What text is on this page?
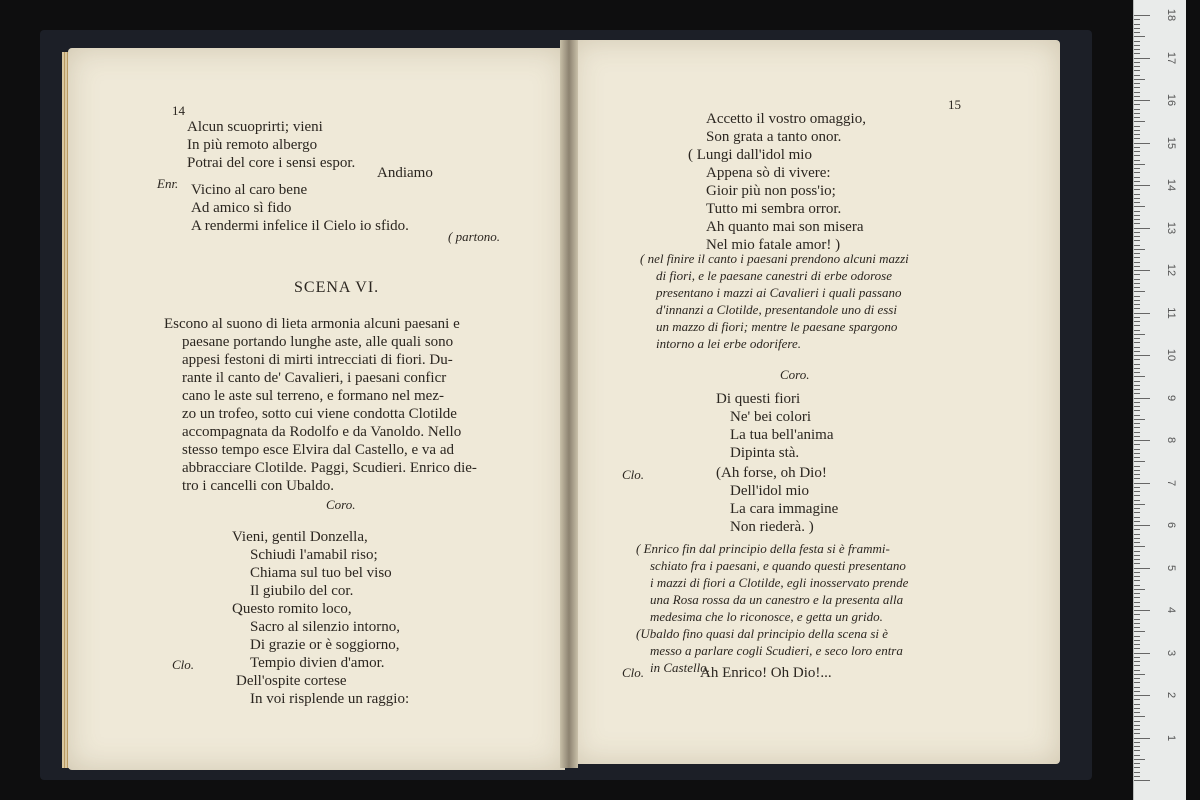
14
Alcun scuoprirti; vieni
In più remoto albergo
Potrai del core i sensi espor.
Andiamo
Enr. Vicino al caro bene
Ad amico sì fido
A rendermi infelice il Cielo io sfido.
( partono.
SCENA VI.
Escono al suono di lieta armonia alcuni paesani e
paesane portando lunghe aste, alle quali sono
appesi festoni di mirti intrecciati di fiori. Du-
rante il canto de' Cavalieri, i paesani conficr
cano le aste sul terreno, e formano nel mez-
zo un trofeo, sotto cui viene condotta Clotilde
accompagnata da Rodolfo e da Vanoldo. Nello
stesso tempo esce Elvira dal Castello, e va ad
abbracciare Clotilde. Paggi, Scudieri. Enrico die-
tro i cancelli con Ubaldo.
Coro.
Vieni, gentil Donzella,
Schiudi l'amabil riso;
Chiama sul tuo bel viso
Il giubilo del cor.
Questo romito loco,
Sacro al silenzio intorno,
Di grazie or è soggiorno,
Tempio divien d'amor.
Clo.
Dell'ospite cortese
In voi risplende un raggio:
15
Accetto il vostro omaggio,
Son grata a tanto onor.
( Lungi dall'idol mio
Appena sò di vivere:
Gioir più non poss'io;
Tutto mi sembra orror.
Ah quanto mai son misera
Nel mio fatale amor! )
( nel finire il canto i paesani prendono alcuni mazzi
di fiori, e le paesane canestri di erbe odorose
presentano i mazzi ai Cavalieri i quali passano
d'innanzi a Clotilde, presentandole uno di essi
un mazzo di fiori; mentre le paesane spargono
intorno a lei erbe odorifere.
Coro.
Di questi fiori
Ne' bei colori
La tua bell'anima
Dipinta stà.
Clo.	(Ah forse, oh Dio!
Dell'idol mio
La cara immagine
Non riederà. )
( Enrico fin dal principio della festa si è frammi-
schiato fra i paesani, e quando questi presentano
i mazzi di fiori a Clotilde, egli inosservato prende
una Rosa rossa da un canestro e la presenta alla
medesima che lo riconosce, e getta un grido.
(Ubaldo fino quasi dal principio della scena si è
messo a parlare cogli Scudieri, e seco loro entra
in Castello.
Clo.	Ah Enrico! Oh Dio!...
1
2
3
4
5
6
7
8
9
10
11
12
13
14
15
16
17
18
